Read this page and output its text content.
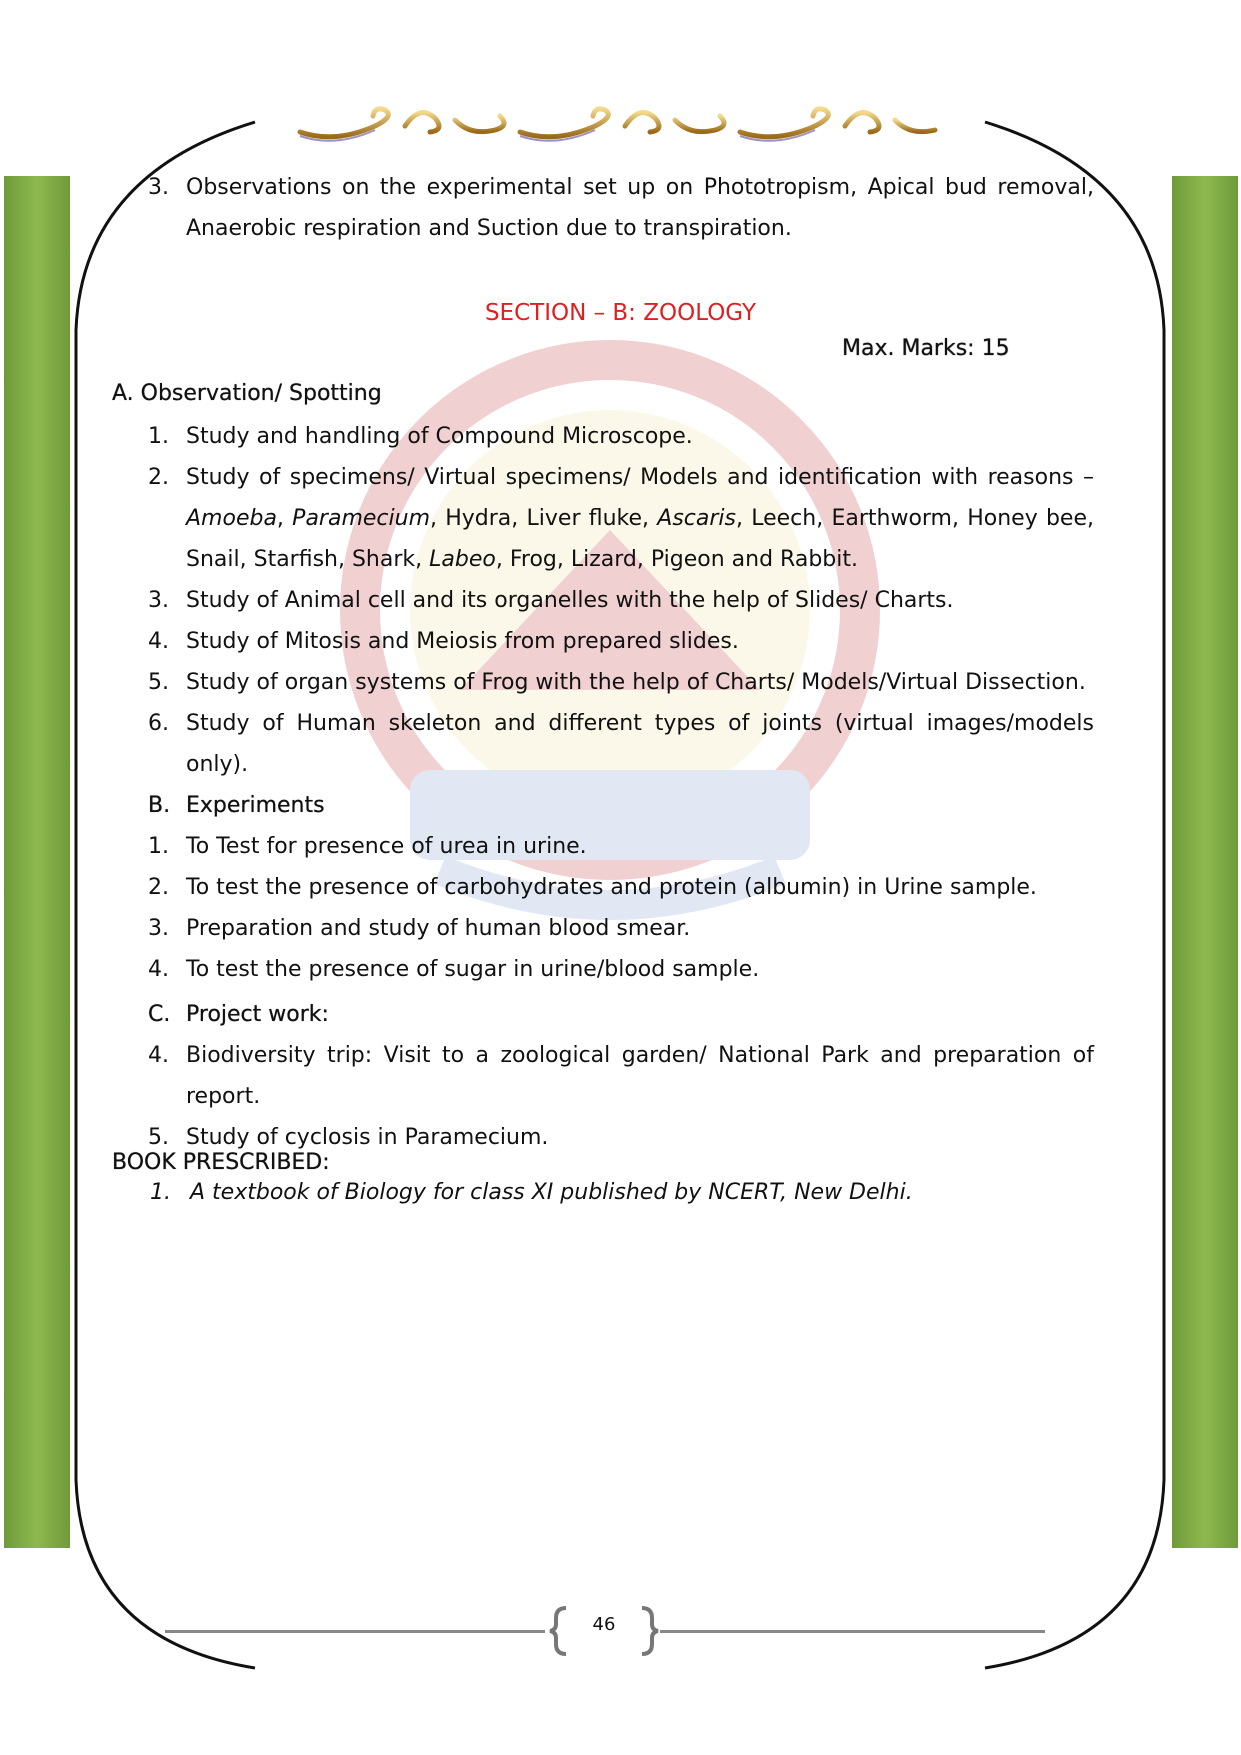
3. Observations on the experimental set up on Phototropism, Apical bud removal, Anaerobic respiration and Suction due to transpiration.
SECTION – B: ZOOLOGY
Max. Marks: 15
A. Observation/ Spotting
1. Study and handling of Compound Microscope.
2. Study of specimens/ Virtual specimens/ Models and identification with reasons – Amoeba, Paramecium, Hydra, Liver fluke, Ascaris, Leech, Earthworm, Honey bee, Snail, Starfish, Shark, Labeo, Frog, Lizard, Pigeon and Rabbit.
3. Study of Animal cell and its organelles with the help of Slides/ Charts.
4. Study of Mitosis and Meiosis from prepared slides.
5. Study of organ systems of Frog with the help of Charts/ Models/Virtual Dissection.
6. Study of Human skeleton and different types of joints (virtual images/models only).
B. Experiments
1. To Test for presence of urea in urine.
2. To test the presence of carbohydrates and protein (albumin) in Urine sample.
3. Preparation and study of human blood smear.
4. To test the presence of sugar in urine/blood sample.
C. Project work:
4. Biodiversity trip: Visit to a zoological garden/ National Park and preparation of report.
5. Study of cyclosis in Paramecium.
BOOK PRESCRIBED:
1. A textbook of Biology for class XI published by NCERT, New Delhi.
46
